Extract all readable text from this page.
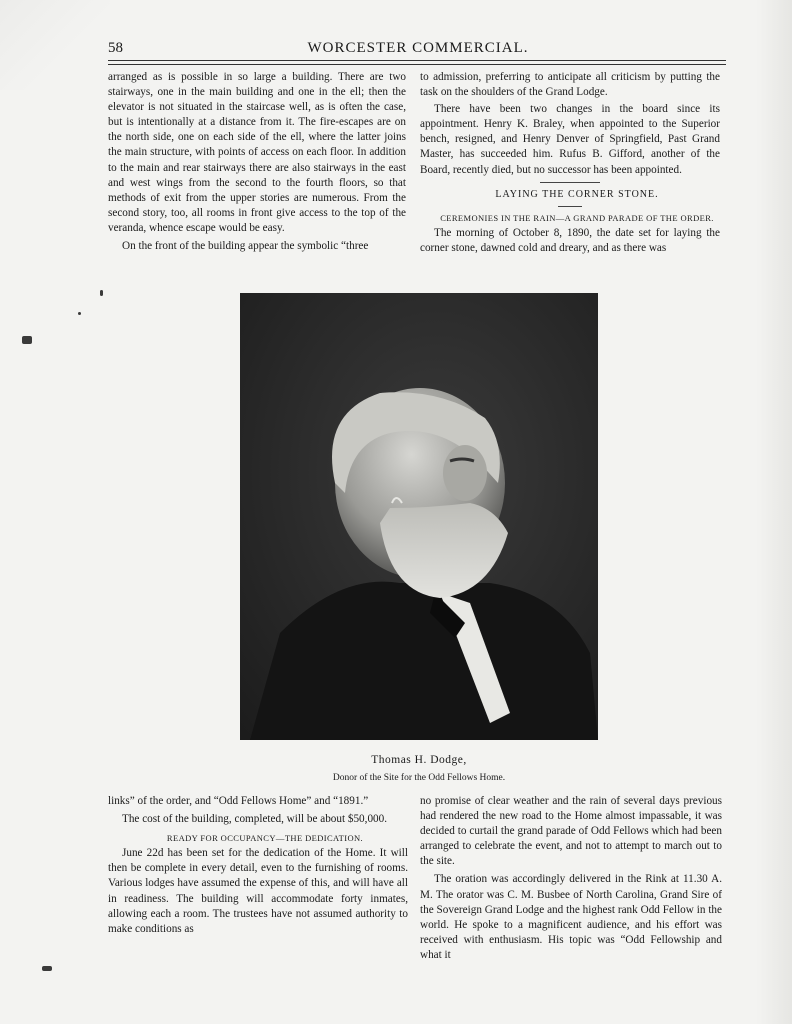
58	WORCESTER COMMERCIAL.

arranged as is possible in so large a building. There are two stairways, one in the main building and one in the ell; then the elevator is not situated in the staircase well, as is often the case, but is intentionally at a distance from it. The fire-escapes are on the north side, one on each side of the ell, where the latter joins the main structure, with points of access on each floor. In addition to the main and rear stairways there are also stairways in the east and west wings from the second to the fourth floors, so that methods of exit from the upper stories are numerous. From the second story, too, all rooms in front give access to the top of the veranda, whence escape would be easy.

On the front of the building appear the symbolic “three

to admission, preferring to anticipate all criticism by putting the task on the shoulders of the Grand Lodge.

There have been two changes in the board since its appointment. Henry K. Braley, when appointed to the Superior bench, resigned, and Henry Denver of Springfield, Past Grand Master, has succeeded him. Rufus B. Gifford, another of the Board, recently died, but no successor has been appointed.

LAYING THE CORNER STONE.

CEREMONIES IN THE RAIN—A GRAND PARADE OF THE ORDER.

The morning of October 8, 1890, the date set for laying the corner stone, dawned cold and dreary, and as there was

Thomas H. Dodge,
Donor of the Site for the Odd Fellows Home.

links” of the order, and “Odd Fellows Home” and “1891.”

The cost of the building, completed, will be about $50,000.

READY FOR OCCUPANCY—THE DEDICATION.

June 22d has been set for the dedication of the Home. It will then be complete in every detail, even to the furnishing of rooms. Various lodges have assumed the expense of this, and will have all in readiness. The building will accommodate forty inmates, allowing each a room. The trustees have not assumed authority to make conditions as

no promise of clear weather and the rain of several days previous had rendered the new road to the Home almost impassable, it was decided to curtail the grand parade of Odd Fellows which had been arranged to celebrate the event, and not to attempt to march out to the site.

The oration was accordingly delivered in the Rink at 11.30 A. M. The orator was C. M. Busbee of North Carolina, Grand Sire of the Sovereign Grand Lodge and the highest rank Odd Fellow in the world. He spoke to a magnificent audience, and his effort was received with enthusiasm. His topic was “Odd Fellowship and what it
